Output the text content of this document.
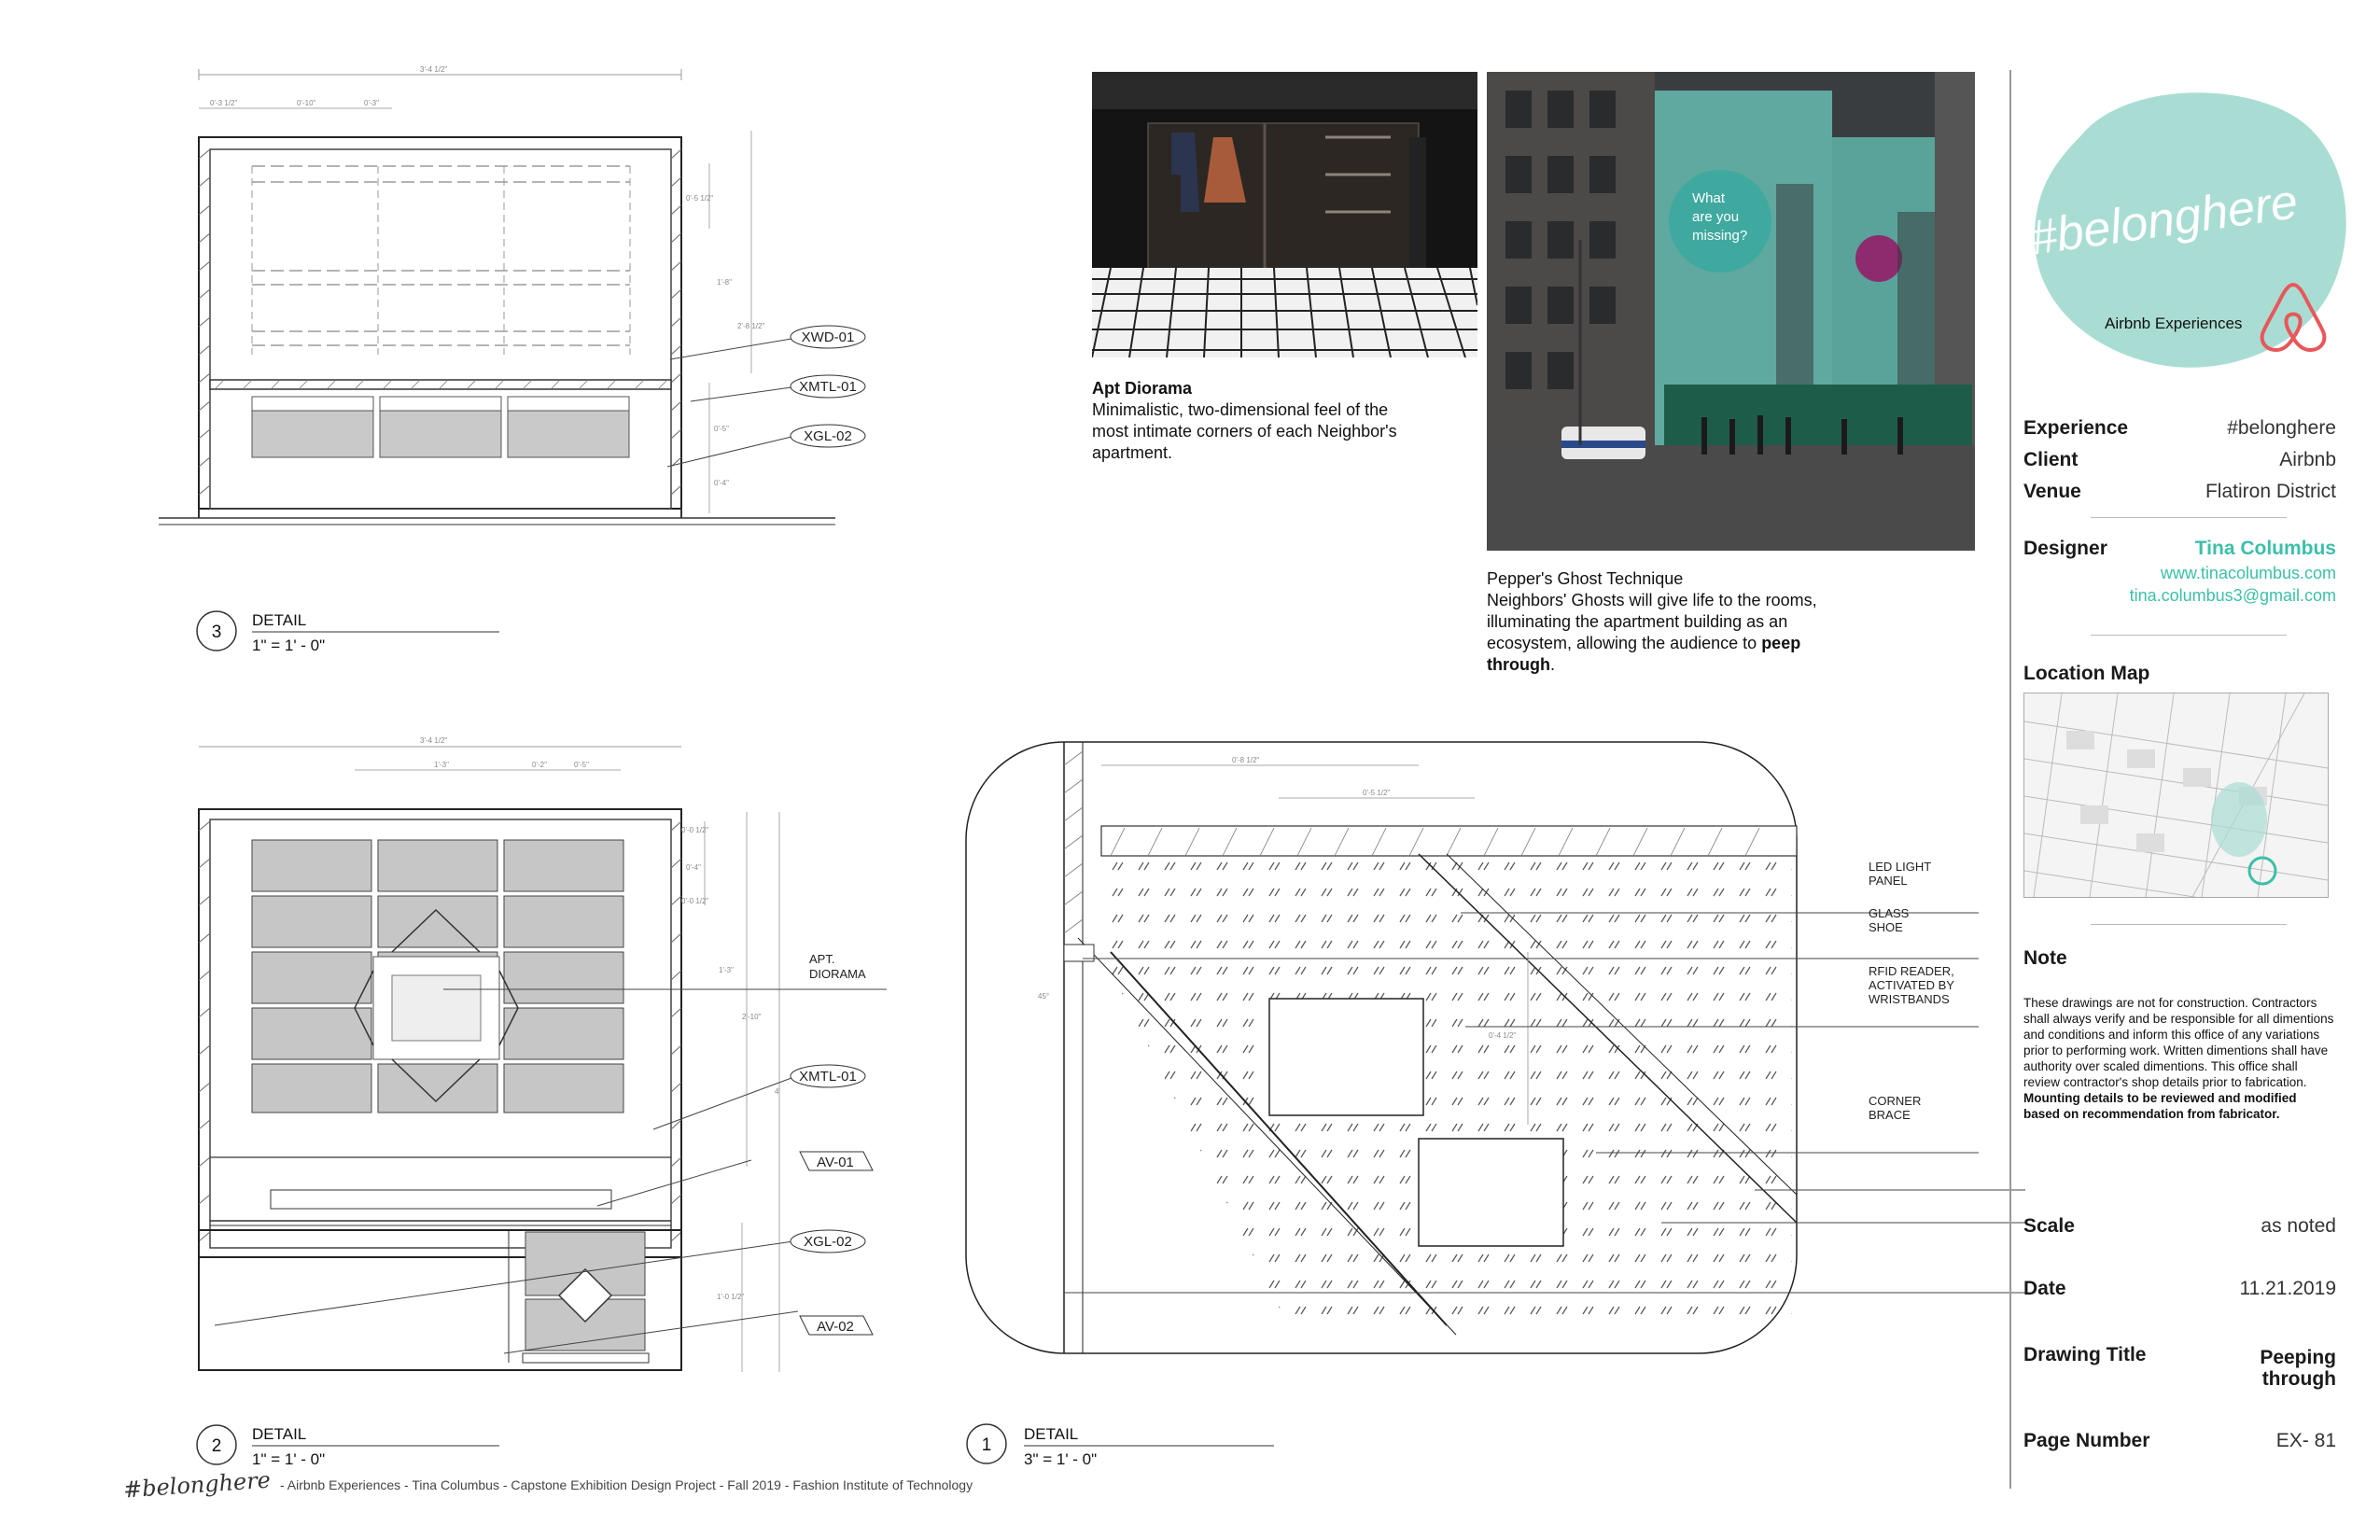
3'-4 1/2"
0'-3 1/2"	0'-10"	0'-3"
0'-5 1/2"
1'-8"
2'-8 1/2"
0'-5"
0'-4"
XWD-01
XMTL-01
XGL-02
3
DETAIL
1" = 1' - 0"
3'-4 1/2"
1'-3"	0'-2"	0'-5"
0'-0 1/2"
0'-4"
0'-0 1/2"
1'-3"
2'-10"
4'
1'-0 1/2"
APT.
DIORAMA
XMTL-01
AV-01
XGL-02
AV-02
2
DETAIL
1" = 1' - 0"
0'-8 1/2"
0'-5 1/2"
45°
0'-4 1/2"
LED LIGHT
PANEL
GLASS
SHOE
RFID READER,
ACTIVATED BY
WRISTBANDS
CORNER
BRACE
1
DETAIL
3" = 1' - 0"
Apt Diorama
Minimalistic, two-dimensional feel of the most intimate corners of each Neighbor's apartment.
What
are you
missing?
Pepper's Ghost Technique
Neighbors' Ghosts will give life to the rooms, illuminating the apartment building as an ecosystem, allowing the audience to peep through.
#belonghere
Airbnb Experiences
Experience	#belonghere
Client	Airbnb
Venue	Flatiron District
Designer	Tina Columbus
www.tinacolumbus.com
tina.columbus3@gmail.com
Location Map
Note
These drawings are not for construction. Contractors shall always verify and be responsible for all dimentions and conditions and inform this office of any variations prior to performing work. Written dimentions shall have authority over scaled dimentions. This office shall review contractor's shop details prior to fabrication.
Mounting details to be reviewed and modified based on recommendation from fabricator.
Scale	as noted
Date	11.21.2019
Drawing Title	Peeping
through
Page Number	EX- 81
#belonghere - Airbnb Experiences - Tina Columbus - Capstone Exhibition Design Project - Fall 2019 - Fashion Institute of Technology
